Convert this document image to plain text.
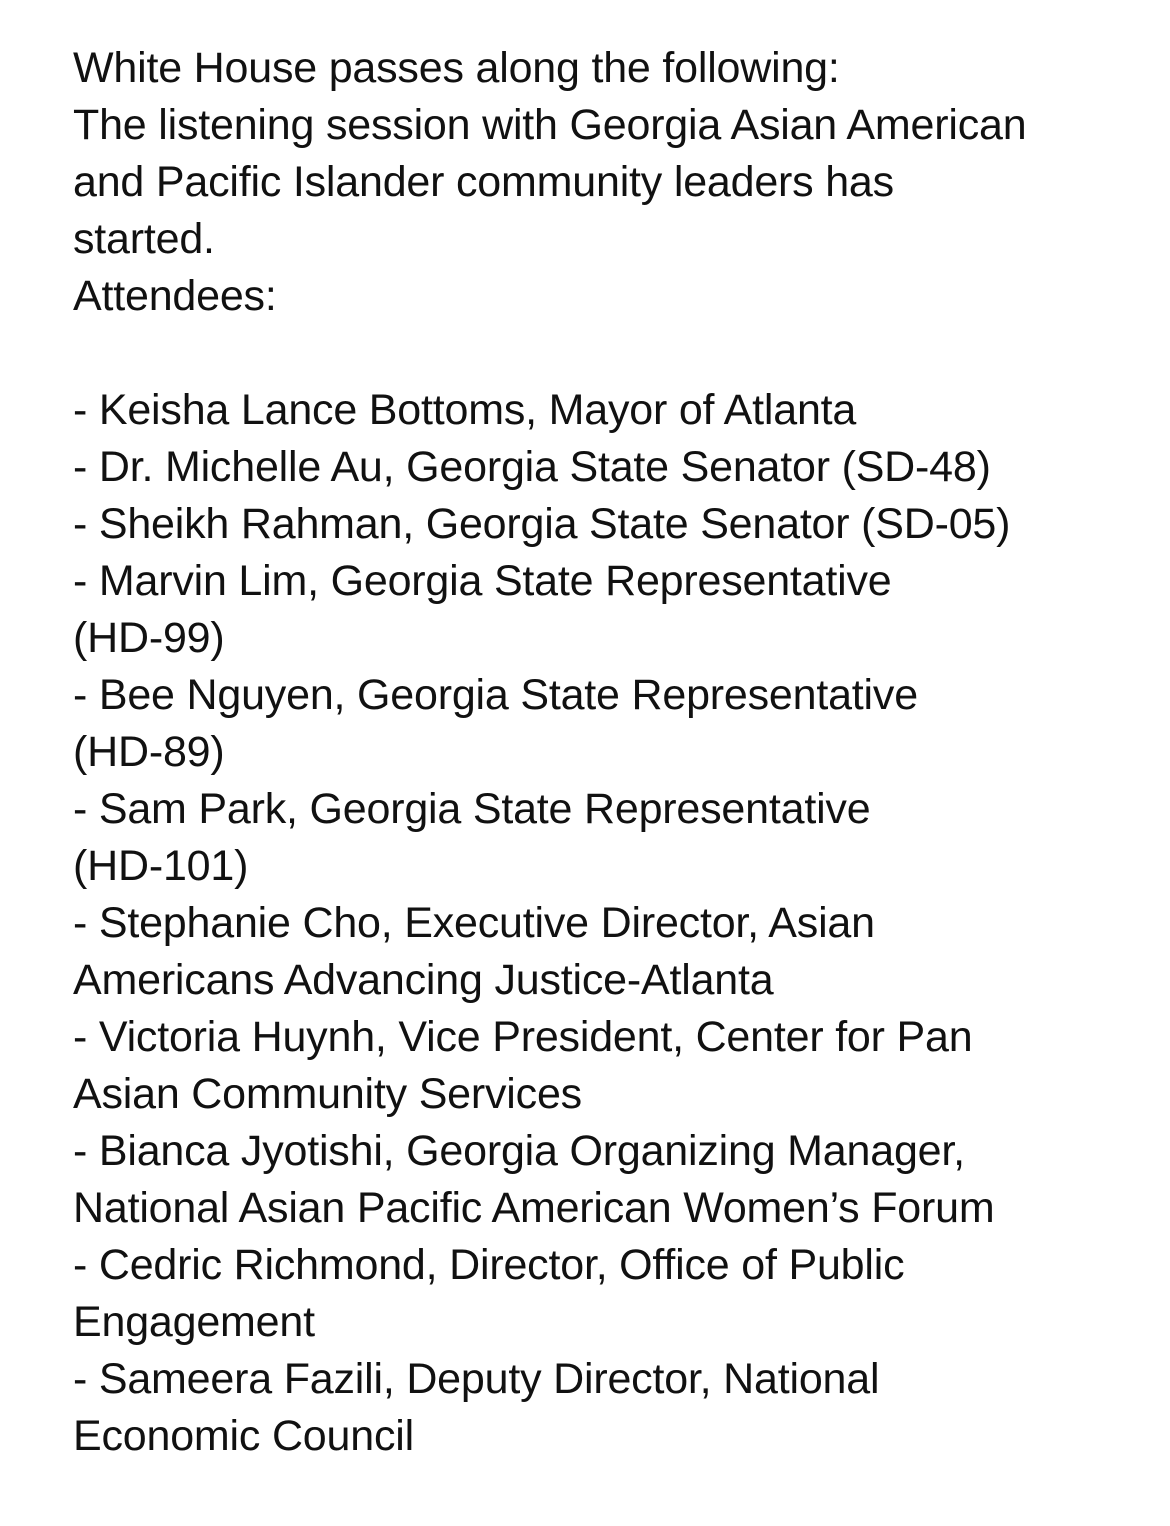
White House passes along the following:
The listening session with Georgia Asian American
and Pacific Islander community leaders has
started.
Attendees:
- Keisha Lance Bottoms, Mayor of Atlanta
- Dr. Michelle Au, Georgia State Senator (SD-48)
- Sheikh Rahman, Georgia State Senator (SD-05)
- Marvin Lim, Georgia State Representative
(HD-99)
- Bee Nguyen, Georgia State Representative
(HD-89)
- Sam Park, Georgia State Representative
(HD-101)
- Stephanie Cho, Executive Director, Asian
Americans Advancing Justice-Atlanta
- Victoria Huynh, Vice President, Center for Pan
Asian Community Services
- Bianca Jyotishi, Georgia Organizing Manager,
National Asian Pacific American Women’s Forum
- Cedric Richmond, Director, Office of Public
Engagement
- Sameera Fazili, Deputy Director, National
Economic Council
